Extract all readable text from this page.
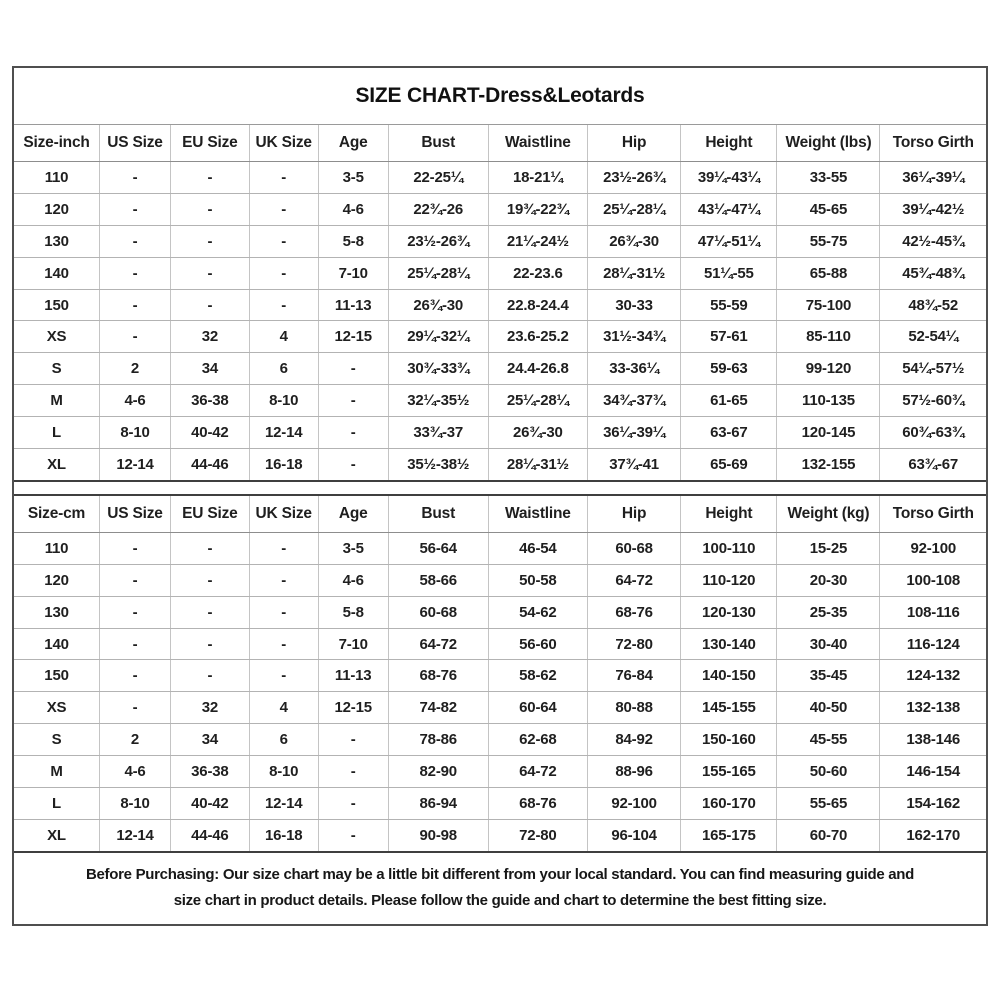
SIZE CHART-Dress&Leotards
Size-inch	US Size	EU Size	UK Size	Age	Bust	Waistline	Hip	Height	Weight (lbs)	Torso Girth
110	-	-	-	3-5	22-25¼	18-21¼	23½-26¾	39¼-43¼	33-55	36¼-39¼
120	-	-	-	4-6	22¾-26	19¾-22¾	25¼-28¼	43¼-47¼	45-65	39¼-42½
130	-	-	-	5-8	23½-26¾	21¼-24½	26¾-30	47¼-51¼	55-75	42½-45¾
140	-	-	-	7-10	25¼-28¼	22-23.6	28¼-31½	51¼-55	65-88	45¾-48¾
150	-	-	-	11-13	26¾-30	22.8-24.4	30-33	55-59	75-100	48¾-52
XS	-	32	4	12-15	29¼-32¼	23.6-25.2	31½-34¾	57-61	85-110	52-54¼
S	2	34	6	-	30¾-33¾	24.4-26.8	33-36¼	59-63	99-120	54¼-57½
M	4-6	36-38	8-10	-	32¼-35½	25¼-28¼	34¾-37¾	61-65	110-135	57½-60¾
L	8-10	40-42	12-14	-	33¾-37	26¾-30	36¼-39¼	63-67	120-145	60¾-63¾
XL	12-14	44-46	16-18	-	35½-38½	28¼-31½	37¾-41	65-69	132-155	63¾-67
Size-cm	US Size	EU Size	UK Size	Age	Bust	Waistline	Hip	Height	Weight (kg)	Torso Girth
110	-	-	-	3-5	56-64	46-54	60-68	100-110	15-25	92-100
120	-	-	-	4-6	58-66	50-58	64-72	110-120	20-30	100-108
130	-	-	-	5-8	60-68	54-62	68-76	120-130	25-35	108-116
140	-	-	-	7-10	64-72	56-60	72-80	130-140	30-40	116-124
150	-	-	-	11-13	68-76	58-62	76-84	140-150	35-45	124-132
XS	-	32	4	12-15	74-82	60-64	80-88	145-155	40-50	132-138
S	2	34	6	-	78-86	62-68	84-92	150-160	45-55	138-146
M	4-6	36-38	8-10	-	82-90	64-72	88-96	155-165	50-60	146-154
L	8-10	40-42	12-14	-	86-94	68-76	92-100	160-170	55-65	154-162
XL	12-14	44-46	16-18	-	90-98	72-80	96-104	165-175	60-70	162-170
Before Purchasing: Our size chart may be a little bit different from your local standard. You can find measuring guide and
size chart in product details. Please follow the guide and chart to determine the best fitting size.
